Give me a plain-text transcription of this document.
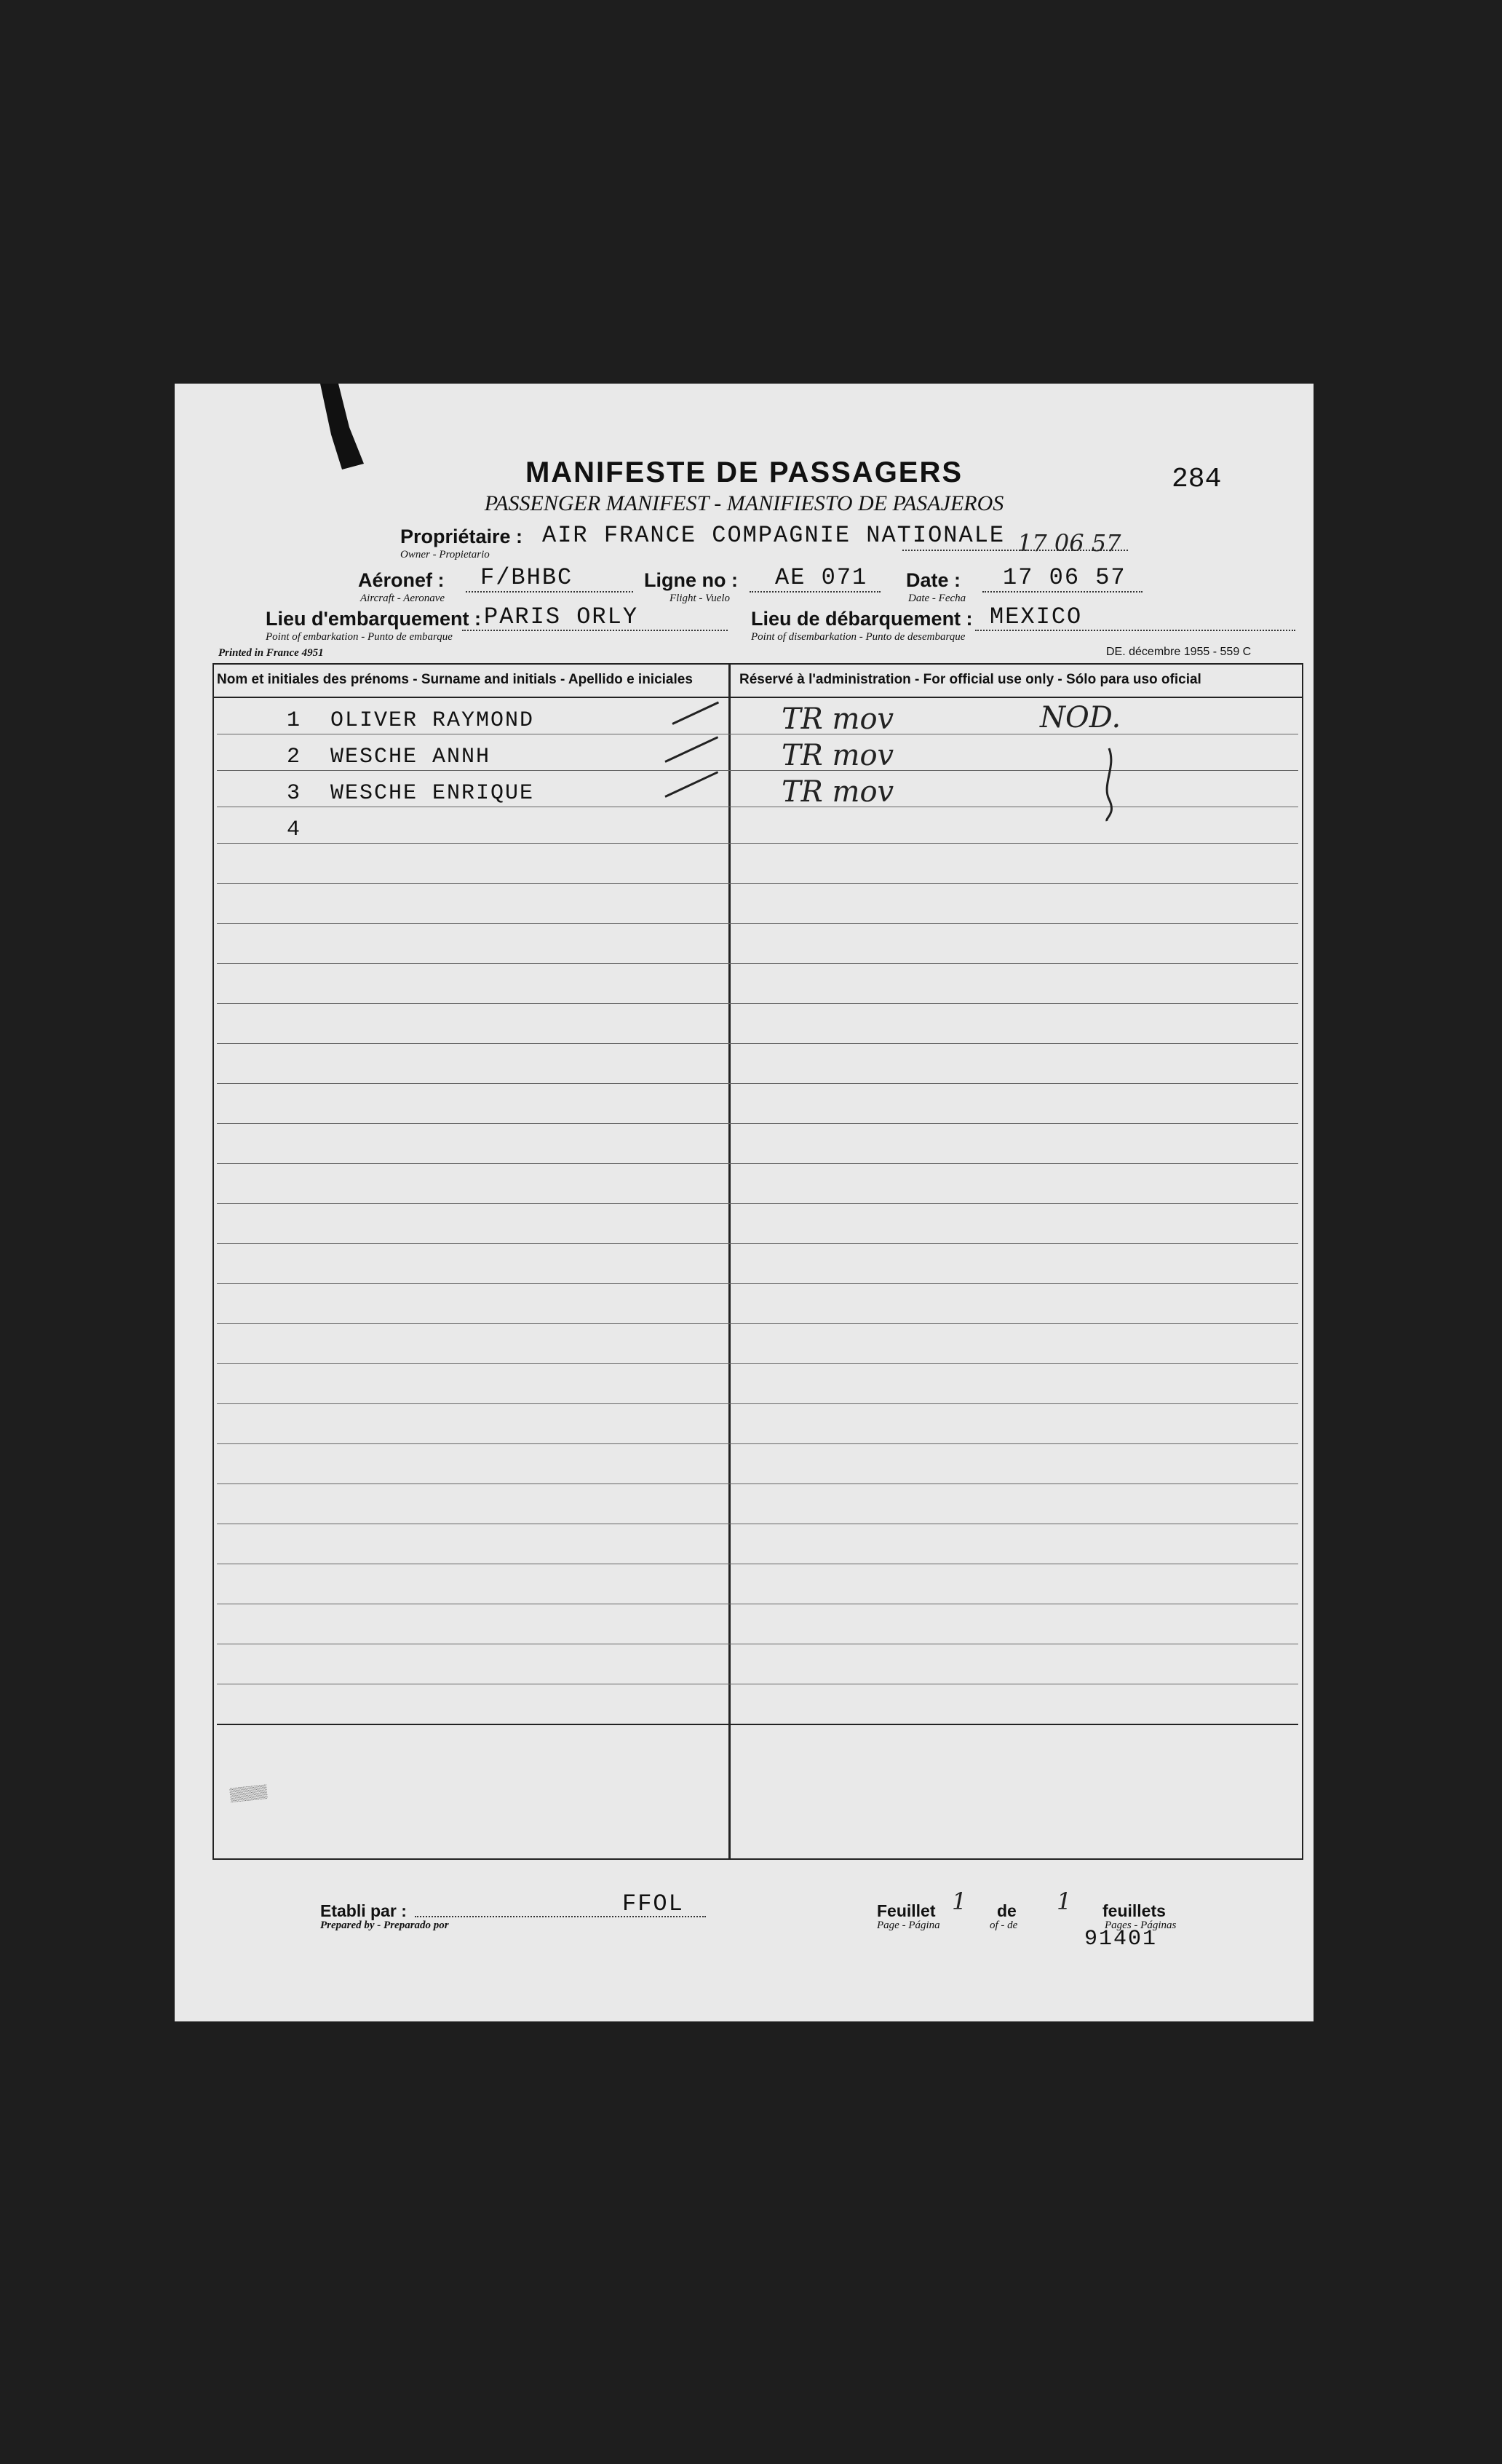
MANIFESTE DE PASSAGERS
PASSENGER MANIFEST - MANIFIESTO DE PASAJEROS
284
Propriétaire :
Owner - Propietario
AIR FRANCE COMPAGNIE NATIONALE 17 06 57
Aéronef :
Aircraft - Aeronave
F/BHBC	Ligne no :
Flight - Vuelo
AE 071 Date :
Date - Fecha
17 06 57
Lieu d'embarquement :
Point of embarkation - Punto de embarque
PARIS ORLY	Lieu de débarquement :
Point of disembarkation - Punto de desembarque
MEXICO
Printed in France 4951	DE. décembre 1955 - 559 C
Nom et initiales des prénoms - Surname and initials - Apellido e iniciales	Réservé à l'administration - For official use only - Sólo para uso oficial
1 OLIVER RAYMOND	TR mov	NOD.
2 WESCHE ANNH	TR mov
3 WESCHE ENRIQUE	TR mov
4
▒▒▒▒
Etabli par :
Prepared by - Preparado por
FFOL	Feuillet 1 de 1 feuillets
Page - Página	of - de	Pages - Páginas
91401
